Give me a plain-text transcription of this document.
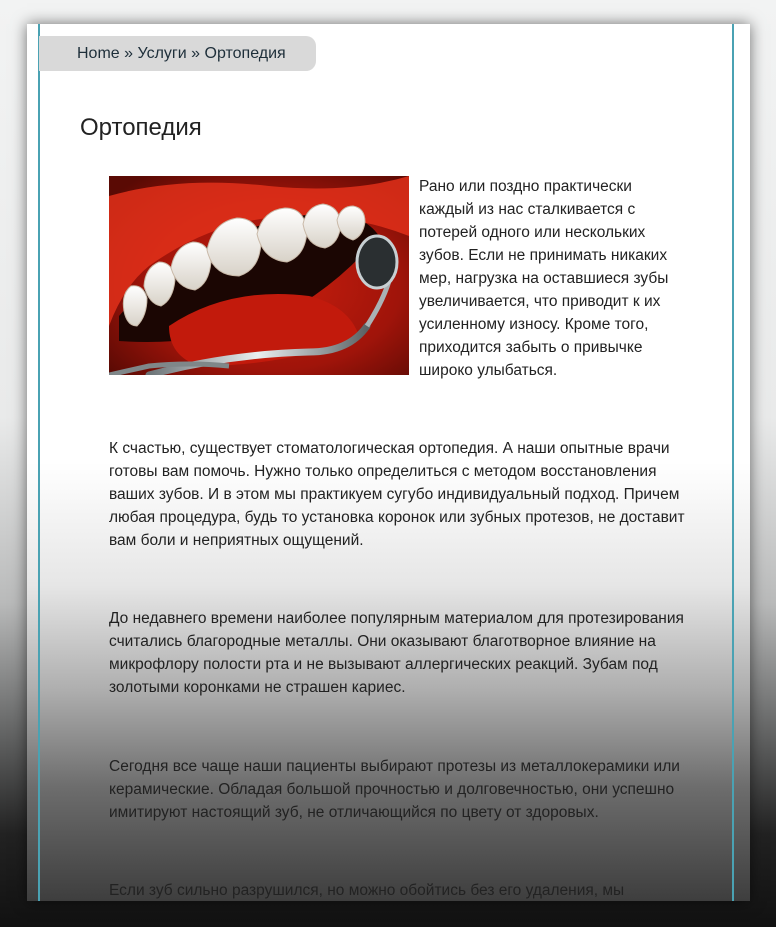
Home » Услуги » Ортопедия
Ортопедия

Рано или поздно практически каждый из нас сталкивается с потерей одного или нескольких зубов. Если не принимать никаких мер, нагрузка на оставшиеся зубы увеличивается, что приводит к их усиленному износу. Кроме того, приходится забыть о привычке широко улыбаться.

К счастью, существует стоматологическая ортопедия. А наши опытные врачи готовы вам помочь. Нужно только определиться с методом восстановления ваших зубов. И в этом мы практикуем сугубо индивидуальный подход. Причем любая процедура, будь то установка коронок или зубных протезов, не доставит вам боли и неприятных ощущений.

До недавнего времени наиболее популярным материалом для протезирования считались благородные металлы. Они оказывают благотворное влияние на микрофлору полости рта и не вызывают аллергических реакций. Зубам под золотыми коронками не страшен кариес.

Сегодня все чаще наши пациенты выбирают протезы из металлокерамики или керамические. Обладая большой прочностью и долговечностью, они успешно имитируют настоящий зуб, не отличающийся по цвету от здоровых.

Если зуб сильно разрушился, но можно обойтись без его удаления, мы
